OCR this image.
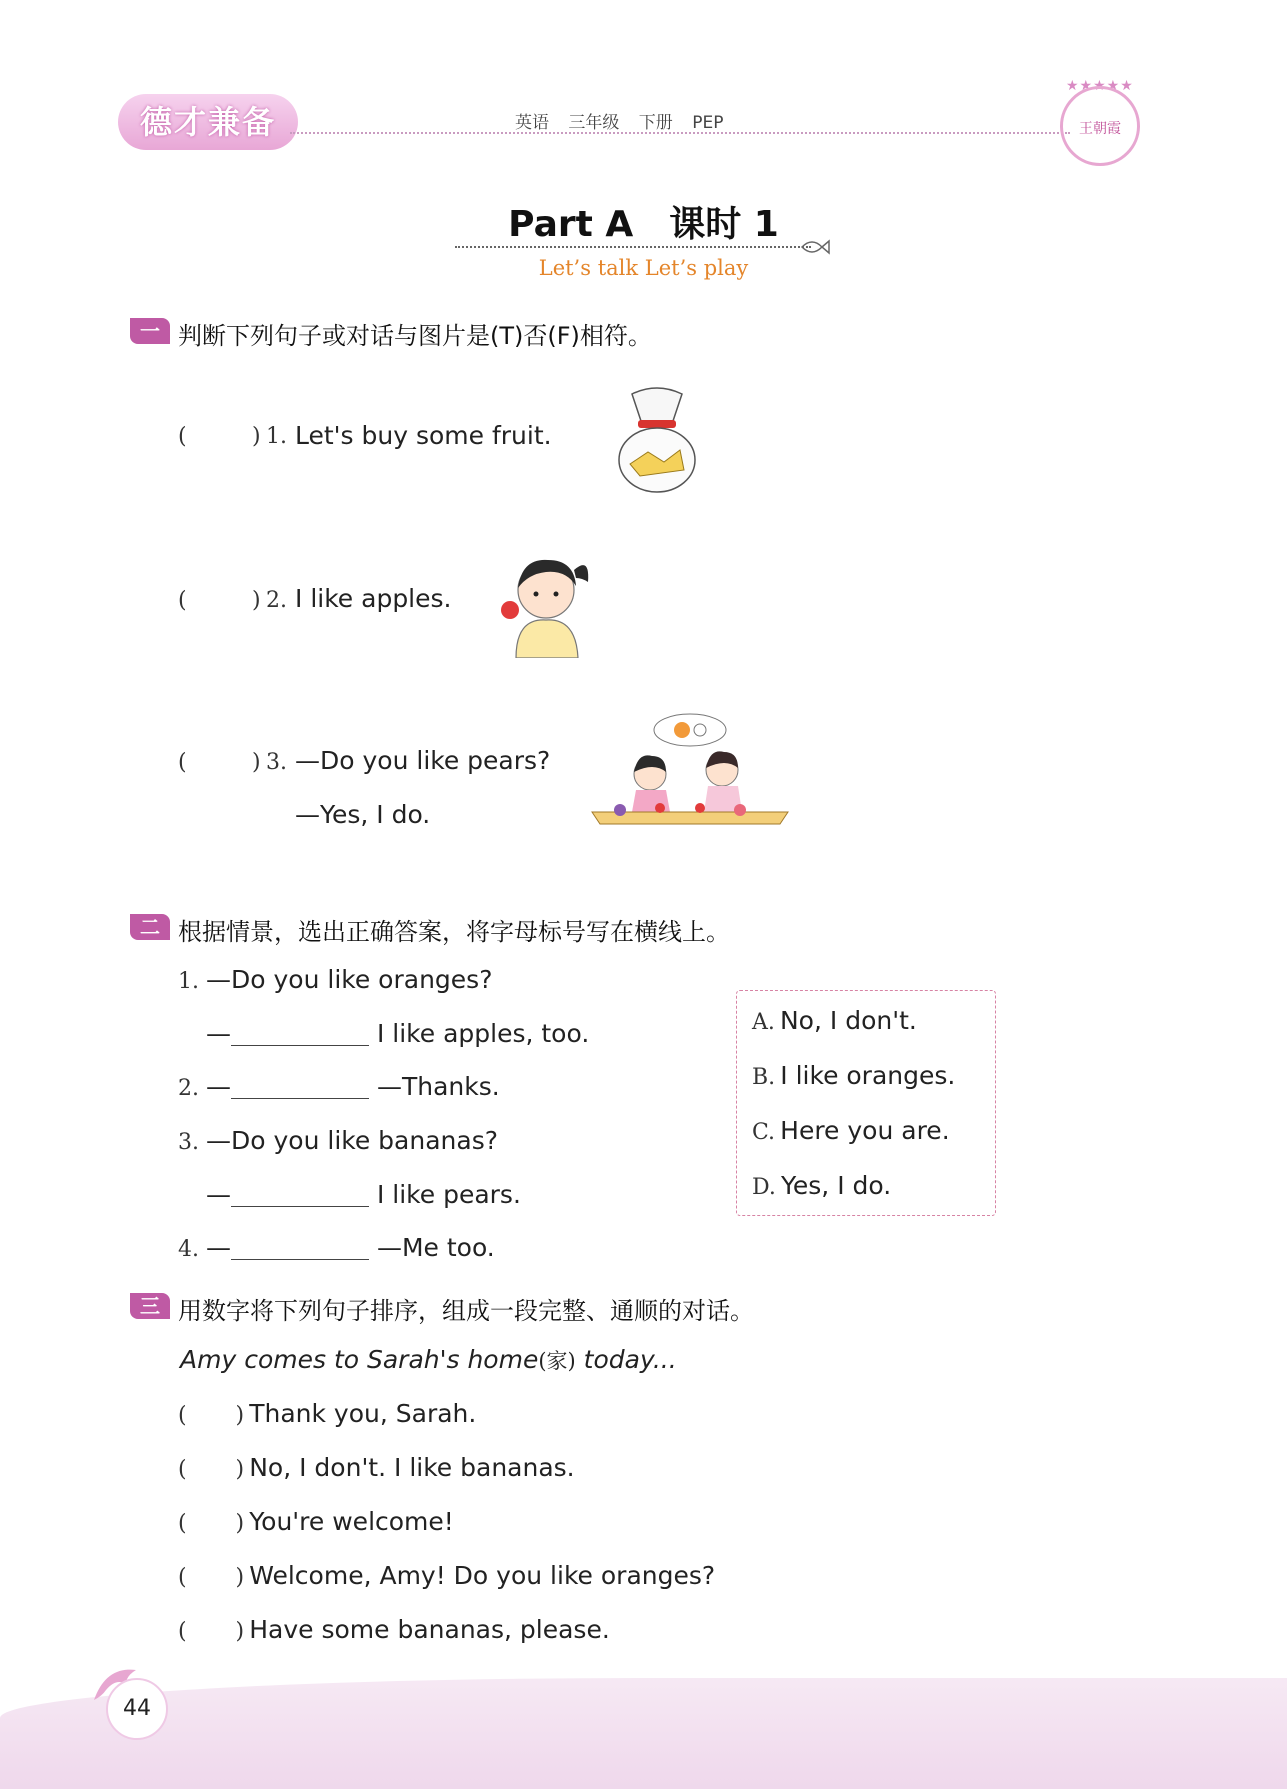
德才兼备	英语 三年级 下册 PEP
★★★★★
王朝霞
Part A　课时 1
Let’s talk Let’s play
一 判断下列句子或对话与图片是(T)否(F)相符。
(	) 1. Let's buy some fruit.
(	) 2. I like apples.
(	) 3. —Do you like pears?
—Yes, I do.
二 根据情景，选出正确答案，将字母标号写在横线上。
1. —Do you like oranges?
—	I like apples, too.
2. —	—Thanks.
3. —Do you like bananas?
—	I like pears.
4. —	—Me too.
A. No, I don't.
B. I like oranges.
C. Here you are.
D. Yes, I do.
三 用数字将下列句子排序，组成一段完整、通顺的对话。
Amy comes to Sarah's home(家) today...
(       ) Thank you, Sarah.
(       ) No, I don't. I like bananas.
(       ) You're welcome!
(       ) Welcome, Amy! Do you like oranges?
(       ) Have some bananas, please.
44
